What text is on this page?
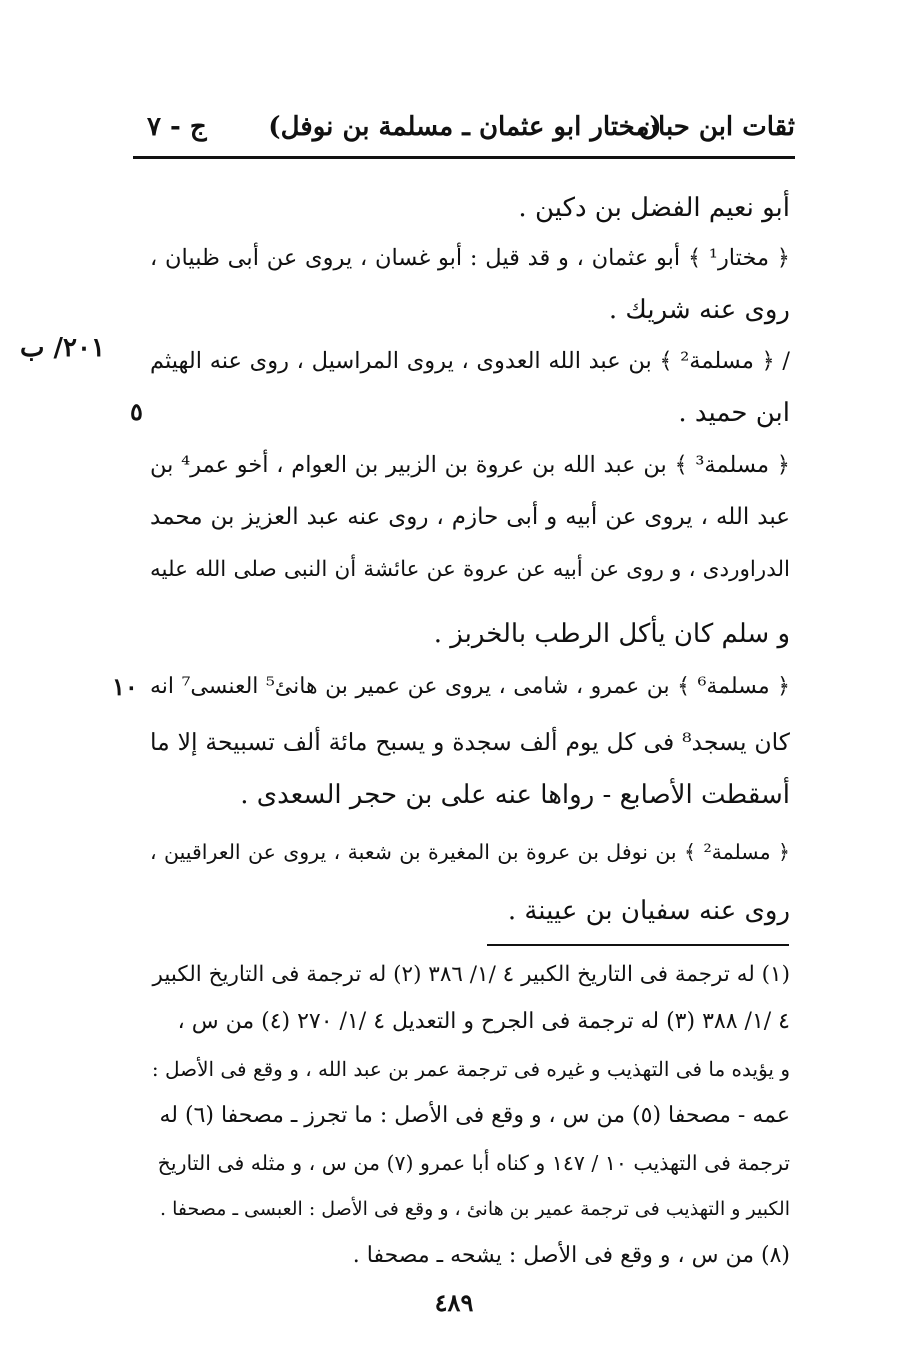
ثقات ابن حبان
(مختار ابو عثمان ـ مسلمة بن نوفل)
ج - ٧
٢٠١/ ب
٥
١٠
أبو نعيم الفضل بن دكين .
﴿ مختار¹ ﴾ أبو عثمان ، و قد قيل : أبو غسان ، يروى عن أبى ظبيان ،
روى عنه شريك .
/ ﴿ مسلمة² ﴾ بن عبد الله العدوى ، يروى المراسيل ، روى عنه الهيثم
ابن حميد .
﴿ مسلمة³ ﴾ بن عبد الله بن عروة بن الزبير بن العوام ، أخو عمر⁴ بن
عبد الله ، يروى عن أبيه و أبى حازم ، روى عنه عبد العزيز بن محمد
الدراوردى ، و روى عن أبيه عن عروة عن عائشة أن النبى صلى الله عليه
و سلم كان يأكل الرطب بالخربز .
﴿ مسلمة⁶ ﴾ بن عمرو ، شامى ، يروى عن عمير بن هانئ⁵ العنسى⁷ انه
كان يسجد⁸ فى كل يوم ألف سجدة و يسبح مائة ألف تسبيحة إلا ما
أسقطت الأصابع - رواها عنه على بن حجر السعدى .
﴿ مسلمة² ﴾ بن نوفل بن عروة بن المغيرة بن شعبة ، يروى عن العراقيين ،
روى عنه سفيان بن عيينة .
(١) له ترجمة فى التاريخ الكبير ٤ /١/ ٣٨٦ (٢) له ترجمة فى التاريخ الكبير
٤ /١/ ٣٨٨ (٣) له ترجمة فى الجرح و التعديل ٤ /١/ ٢٧٠ (٤) من س ،
و يؤيده ما فى التهذيب و غيره فى ترجمة عمر بن عبد الله ، و وقع فى الأصل :
عمه - مصحفا (٥) من س ، و وقع فى الأصل : ما تجرز ـ مصحفا (٦) له
ترجمة فى التهذيب ١٠ / ١٤٧ و كناه أبا عمرو (٧) من س ، و مثله فى التاريخ
الكبير و التهذيب فى ترجمة عمير بن هانئ ، و وقع فى الأصل : العبسى ـ مصحفا .
(٨) من س ، و وقع فى الأصل : يشحه ـ مصحفا .
٤٨٩
